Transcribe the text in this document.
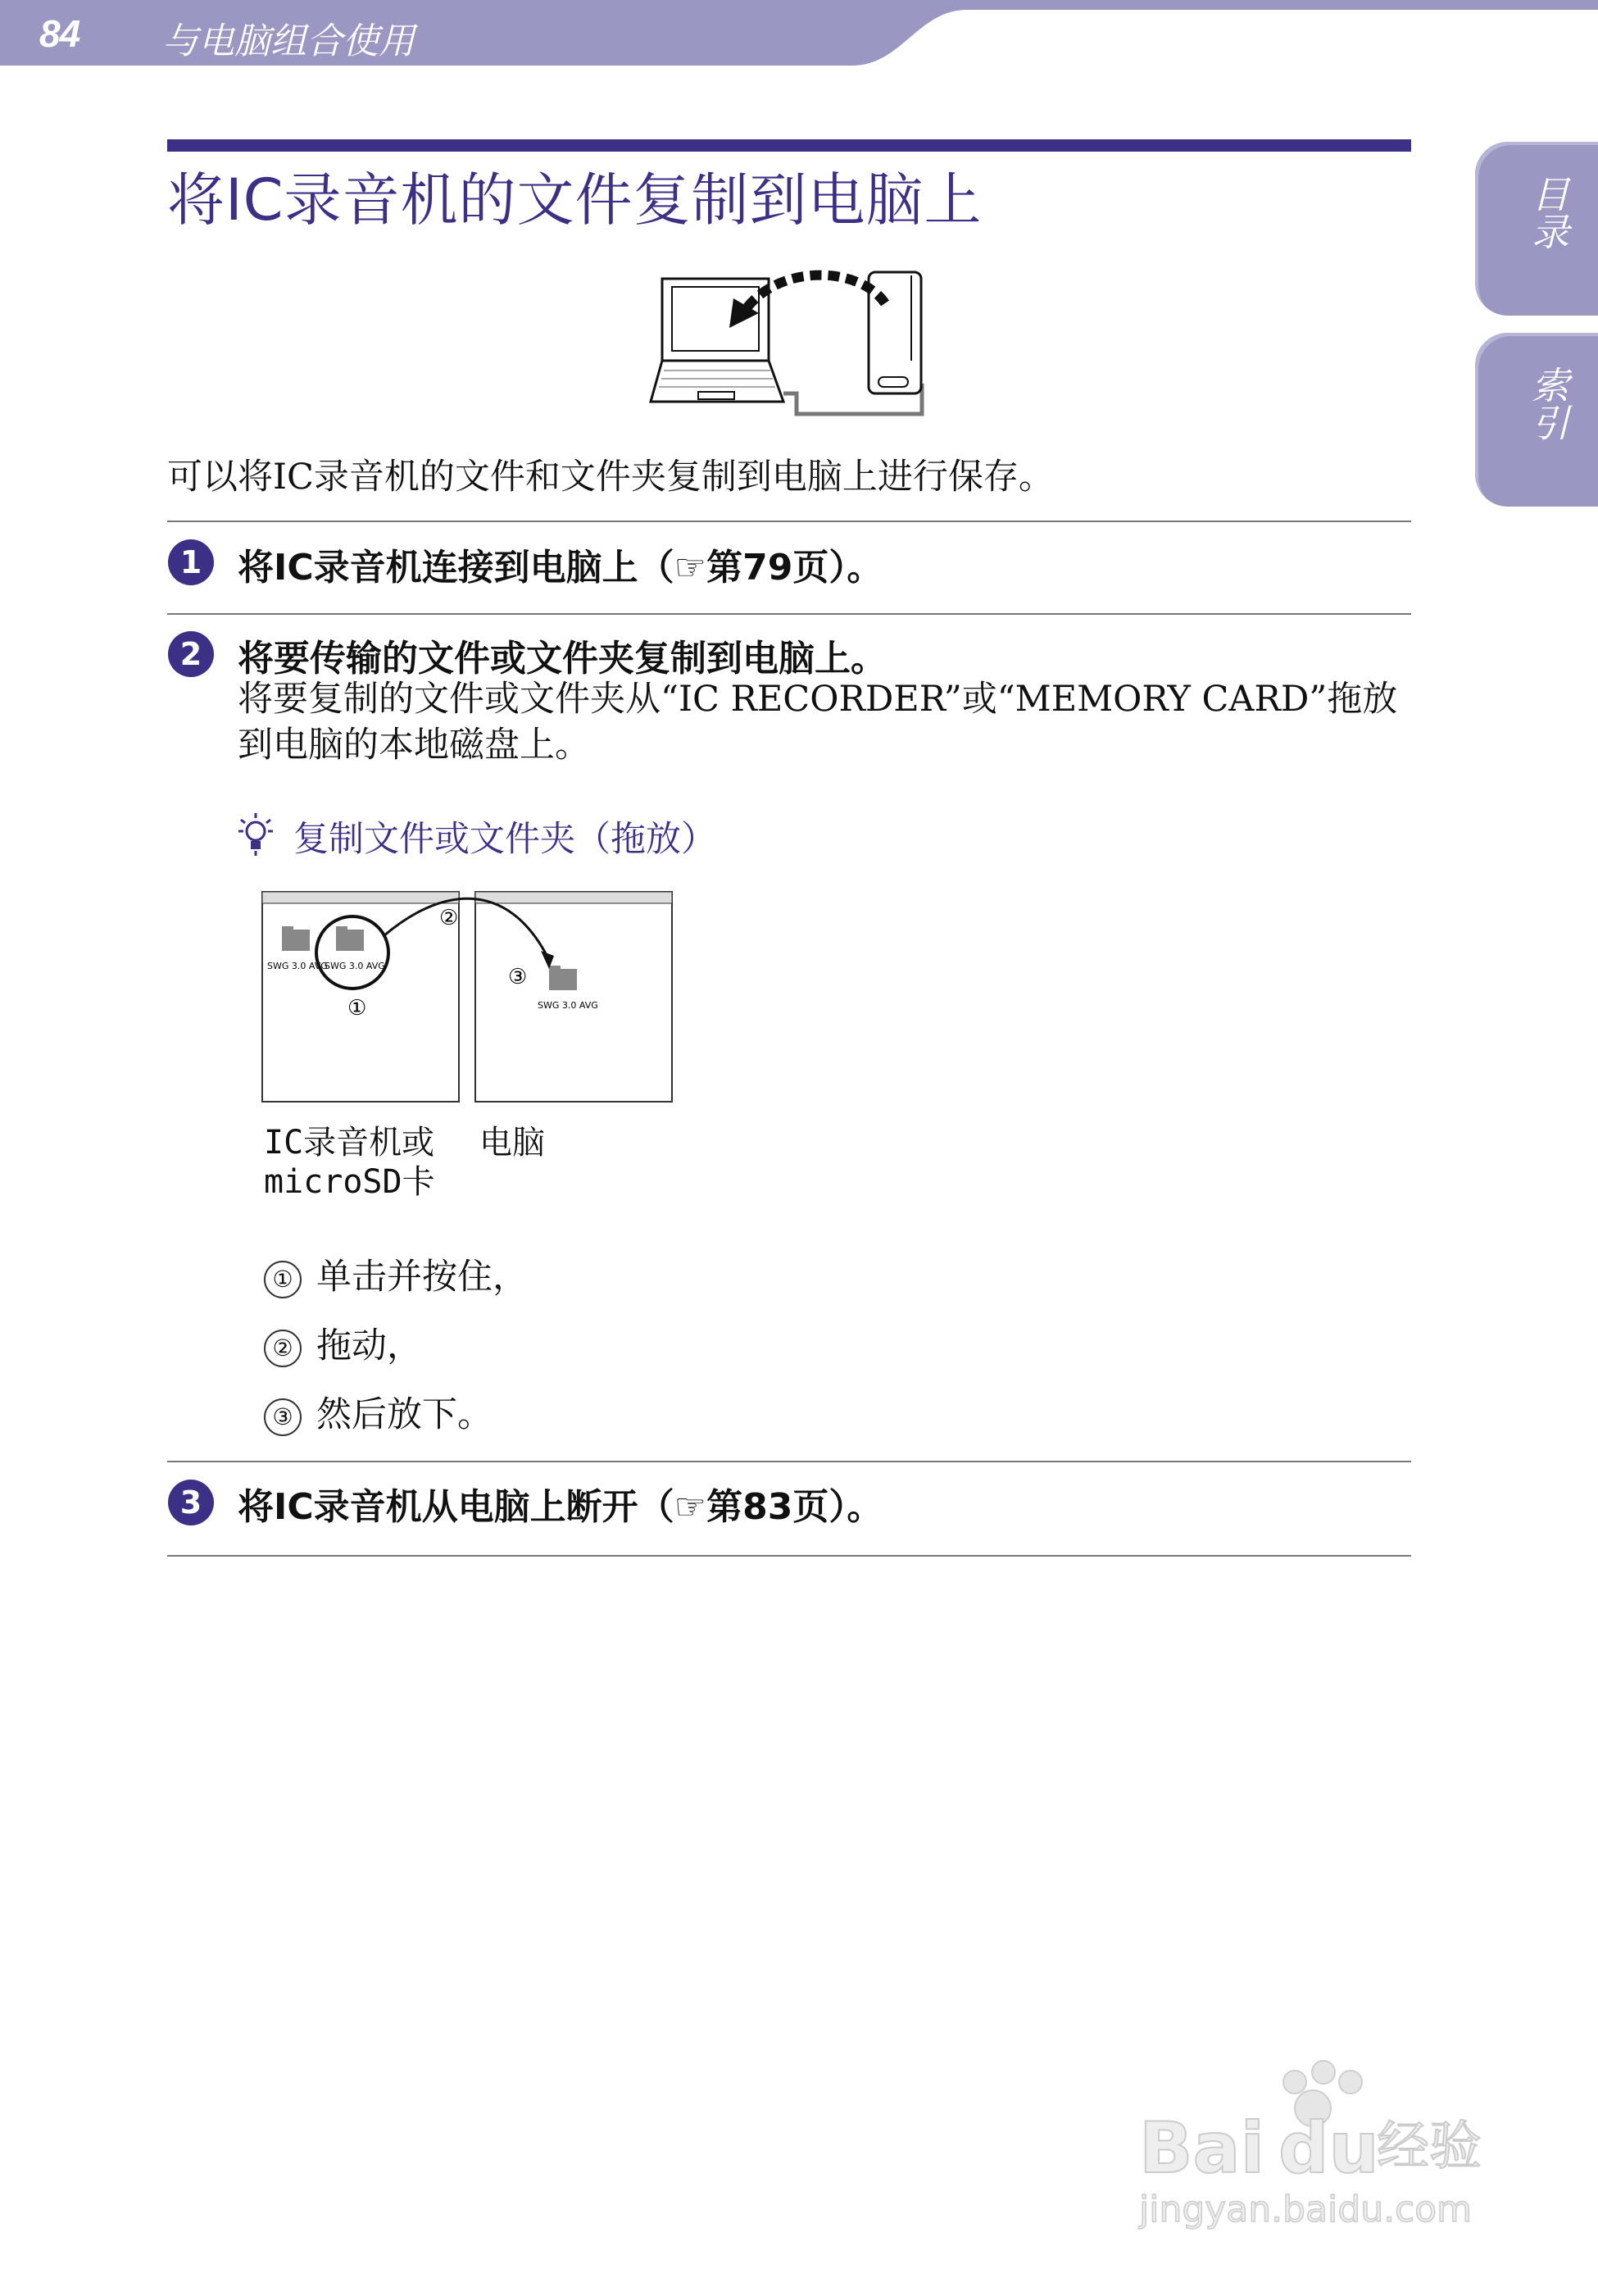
84 与电脑组合使用
目录
索引
将IC录音机的文件复制到电脑上
可以将IC录音机的文件和文件夹复制到电脑上进行保存。
1 将IC录音机连接到电脑上（☞第79页）。
2 将要传输的文件或文件夹复制到电脑上。
将要复制的文件或文件夹从“IC RECORDER”或“MEMORY CARD”拖放到电脑的本地磁盘上。
复制文件或文件夹（拖放）
SWG 3.0 AVG
SWG 3.0 AVG
SWG 3.0 AVG
①
②
③
IC录音机或
microSD卡
电脑
① 单击并按住，
② 拖动，
③ 然后放下。
3 将IC录音机从电脑上断开（☞第83页）。
Bai du
经验
jingyan.baidu.com
